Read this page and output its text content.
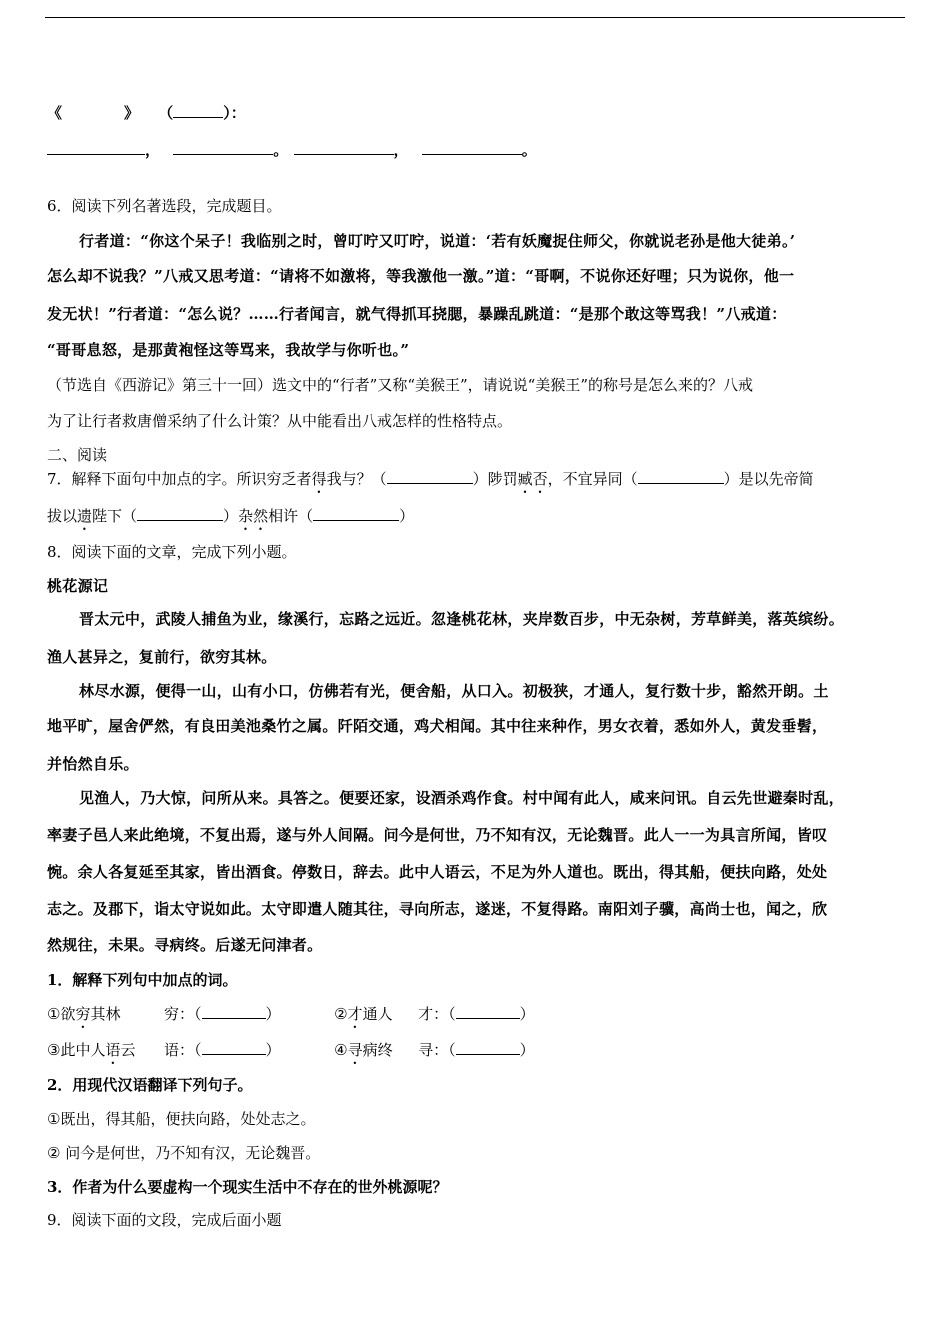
《	》 （	）：
，	。	，	。
6．阅读下列名著选段，完成题目。
行者道：“你这个呆子！我临别之时，曾叮咛又叮咛，说道：‘若有妖魔捉住师父，你就说老孙是他大徒弟。’
怎么却不说我？”八戒又思考道：“请将不如激将，等我激他一激。”道：“哥啊，不说你还好哩；只为说你，他一
发无状！”行者道：“怎么说？……行者闻言，就气得抓耳挠腮，暴躁乱跳道：“是那个敢这等骂我！”八戒道：
“哥哥息怒，是那黄袍怪这等骂来，我故学与你听也。”
（节选自《西游记》第三十一回）选文中的“行者”又称“美猴王”，请说说“美猴王”的称号是怎么来的？八戒
为了让行者救唐僧采纳了什么计策？从中能看出八戒怎样的性格特点。
二、阅读
7．解释下面句中加点的字。所识穷乏者得我与？（	）陟罚臧否，不宜异同（	）是以先帝简
拔以遗陛下（	）杂然相许（	）
8．阅读下面的文章，完成下列小题。
桃花源记
晋太元中，武陵人捕鱼为业，缘溪行，忘路之远近。忽逢桃花林，夹岸数百步，中无杂树，芳草鲜美，落英缤纷。
渔人甚异之，复前行，欲穷其林。
林尽水源，便得一山，山有小口，仿佛若有光，便舍船，从口入。初极狭，才通人，复行数十步，豁然开朗。土
地平旷，屋舍俨然，有良田美池桑竹之属。阡陌交通，鸡犬相闻。其中往来种作，男女衣着，悉如外人，黄发垂髫，
并怡然自乐。
见渔人，乃大惊，问所从来。具答之。便要还家，设酒杀鸡作食。村中闻有此人，咸来问讯。自云先世避秦时乱，
率妻子邑人来此绝境，不复出焉，遂与外人间隔。问今是何世，乃不知有汉，无论魏晋。此人一一为具言所闻，皆叹
惋。余人各复延至其家，皆出酒食。停数日，辞去。此中人语云，不足为外人道也。既出，得其船，便扶向路，处处
志之。及郡下，诣太守说如此。太守即遣人随其往，寻向所志，遂迷，不复得路。南阳刘子骥，高尚士也，闻之，欣
然规往，未果。寻病终。后遂无问津者。
1．解释下列句中加点的词。
①欲穷其林	穷：（	）	②才通人 才：（	）
③此中人语云 语：（	）	④寻病终 寻：（	）
2．用现代汉语翻译下列句子。
①既出，得其船，便扶向路，处处志之。
② 问今是何世，乃不知有汉，无论魏晋。
3．作者为什么要虚构一个现实生活中不存在的世外桃源呢？
9．阅读下面的文段，完成后面小题
